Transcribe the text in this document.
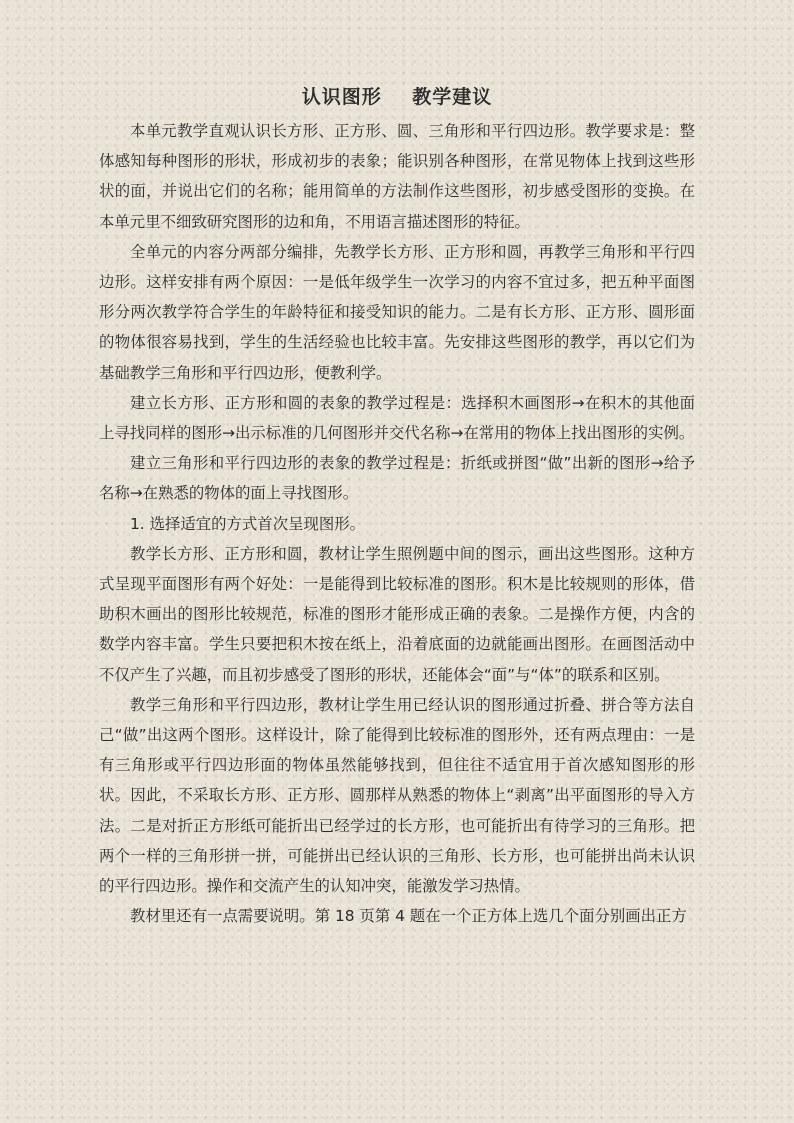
认识图形    教学建议

本单元教学直观认识长方形、正方形、圆、三角形和平行四边形。教学要求是：整体感知每种图形的形状，形成初步的表象；能识别各种图形，在常见物体上找到这些形状的面，并说出它们的名称；能用简单的方法制作这些图形，初步感受图形的变换。在本单元里不细致研究图形的边和角，不用语言描述图形的特征。

全单元的内容分两部分编排，先教学长方形、正方形和圆，再教学三角形和平行四边形。这样安排有两个原因：一是低年级学生一次学习的内容不宜过多，把五种平面图形分两次教学符合学生的年龄特征和接受知识的能力。二是有长方形、正方形、圆形面的物体很容易找到，学生的生活经验也比较丰富。先安排这些图形的教学，再以它们为基础教学三角形和平行四边形，便教利学。

建立长方形、正方形和圆的表象的教学过程是：选择积木画图形→在积木的其他面上寻找同样的图形→出示标准的几何图形并交代名称→在常用的物体上找出图形的实例。

建立三角形和平行四边形的表象的教学过程是：折纸或拼图“做”出新的图形→给予名称→在熟悉的物体的面上寻找图形。

1. 选择适宜的方式首次呈现图形。

教学长方形、正方形和圆，教材让学生照例题中间的图示，画出这些图形。这种方式呈现平面图形有两个好处：一是能得到比较标准的图形。积木是比较规则的形体，借助积木画出的图形比较规范，标准的图形才能形成正确的表象。二是操作方便，内含的数学内容丰富。学生只要把积木按在纸上，沿着底面的边就能画出图形。在画图活动中不仅产生了兴趣，而且初步感受了图形的形状，还能体会“面”与“体”的联系和区别。

教学三角形和平行四边形，教材让学生用已经认识的图形通过折叠、拼合等方法自己“做”出这两个图形。这样设计，除了能得到比较标准的图形外，还有两点理由：一是有三角形或平行四边形面的物体虽然能够找到，但往往不适宜用于首次感知图形的形状。因此，不采取长方形、正方形、圆那样从熟悉的物体上“剥离”出平面图形的导入方法。二是对折正方形纸可能折出已经学过的长方形，也可能折出有待学习的三角形。把两个一样的三角形拼一拼，可能拼出已经认识的三角形、长方形，也可能拼出尚未认识的平行四边形。操作和交流产生的认知冲突，能激发学习热情。

教材里还有一点需要说明。第 18 页第 4 题在一个正方体上选几个面分别画出正方
